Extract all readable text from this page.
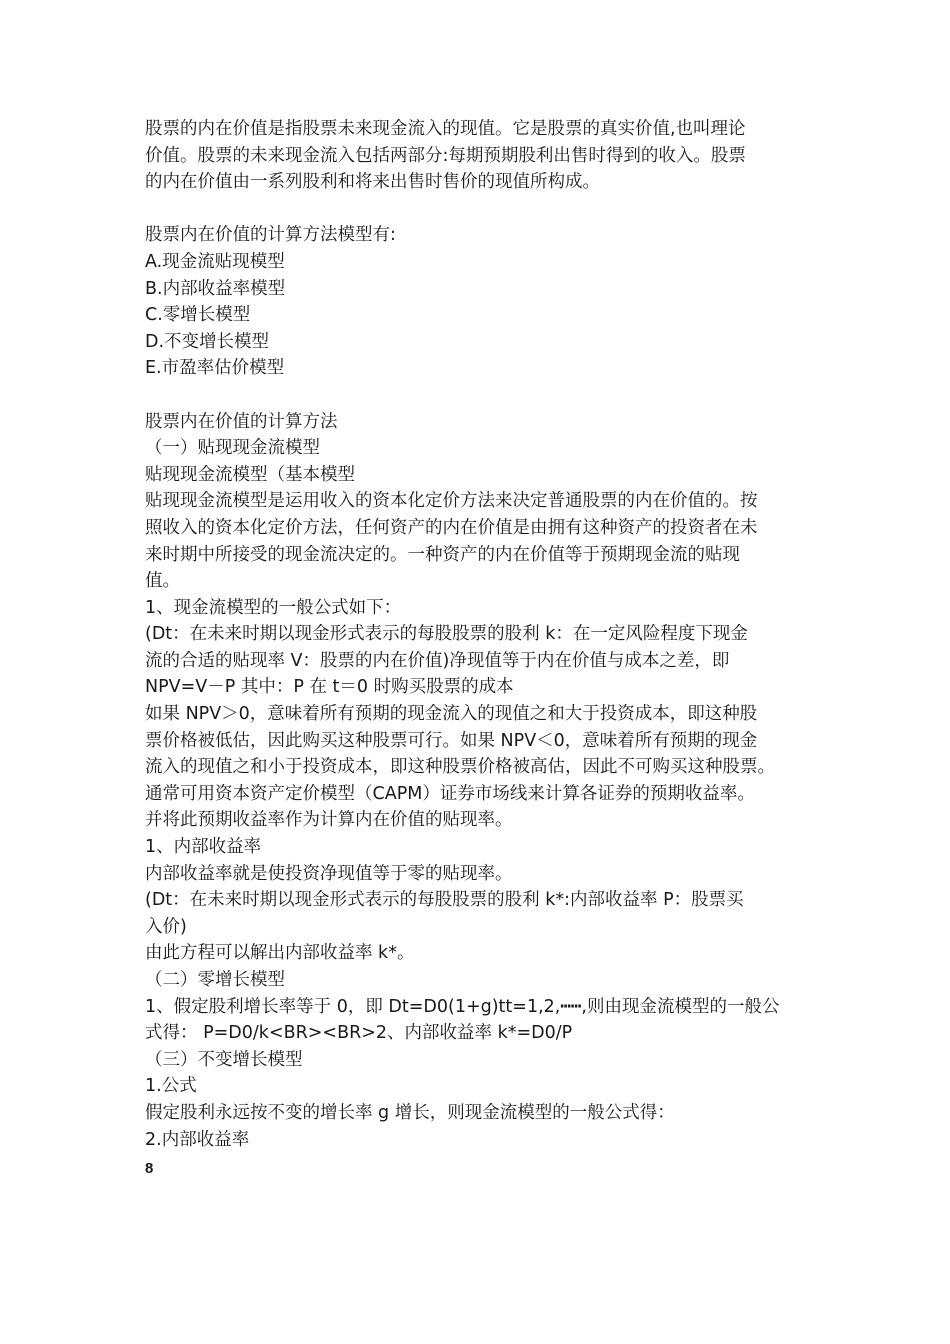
股票的内在价值是指股票未来现金流入的现值。它是股票的真实价值,也叫理论
价值。股票的未来现金流入包括两部分:每期预期股利出售时得到的收入。股票
的内在价值由一系列股利和将来出售时售价的现值所构成。
股票内在价值的计算方法模型有:
A.现金流贴现模型
B.内部收益率模型
C.零增长模型
D.不变增长模型
E.市盈率估价模型
股票内在价值的计算方法
（一）贴现现金流模型
贴现现金流模型（基本模型
贴现现金流模型是运用收入的资本化定价方法来决定普通股票的内在价值的。按
照收入的资本化定价方法，任何资产的内在价值是由拥有这种资产的投资者在未
来时期中所接受的现金流决定的。一种资产的内在价值等于预期现金流的贴现
值。
1、现金流模型的一般公式如下：
(Dt：在未来时期以现金形式表示的每股股票的股利 k：在一定风险程度下现金
流的合适的贴现率 V：股票的内在价值)净现值等于内在价值与成本之差，即
NPV=V－P 其中：P 在 t＝0 时购买股票的成本
如果 NPV＞0，意味着所有预期的现金流入的现值之和大于投资成本，即这种股
票价格被低估，因此购买这种股票可行。如果 NPV＜0，意味着所有预期的现金
流入的现值之和小于投资成本，即这种股票价格被高估，因此不可购买这种股票。
通常可用资本资产定价模型（CAPM）证券市场线来计算各证券的预期收益率。
并将此预期收益率作为计算内在价值的贴现率。
1、内部收益率
内部收益率就是使投资净现值等于零的贴现率。
(Dt：在未来时期以现金形式表示的每股股票的股利 k*:内部收益率 P：股票买
入价)
由此方程可以解出内部收益率 k*。
（二）零增长模型
1、假定股利增长率等于 0，即 Dt=D0(1+g)tt=1,2,┅┅,则由现金流模型的一般公
式得： P=D0/k<BR><BR>2、内部收益率 k*=D0/P
（三）不变增长模型
1.公式
假定股利永远按不变的增长率 g 增长，则现金流模型的一般公式得：
2.内部收益率
8
